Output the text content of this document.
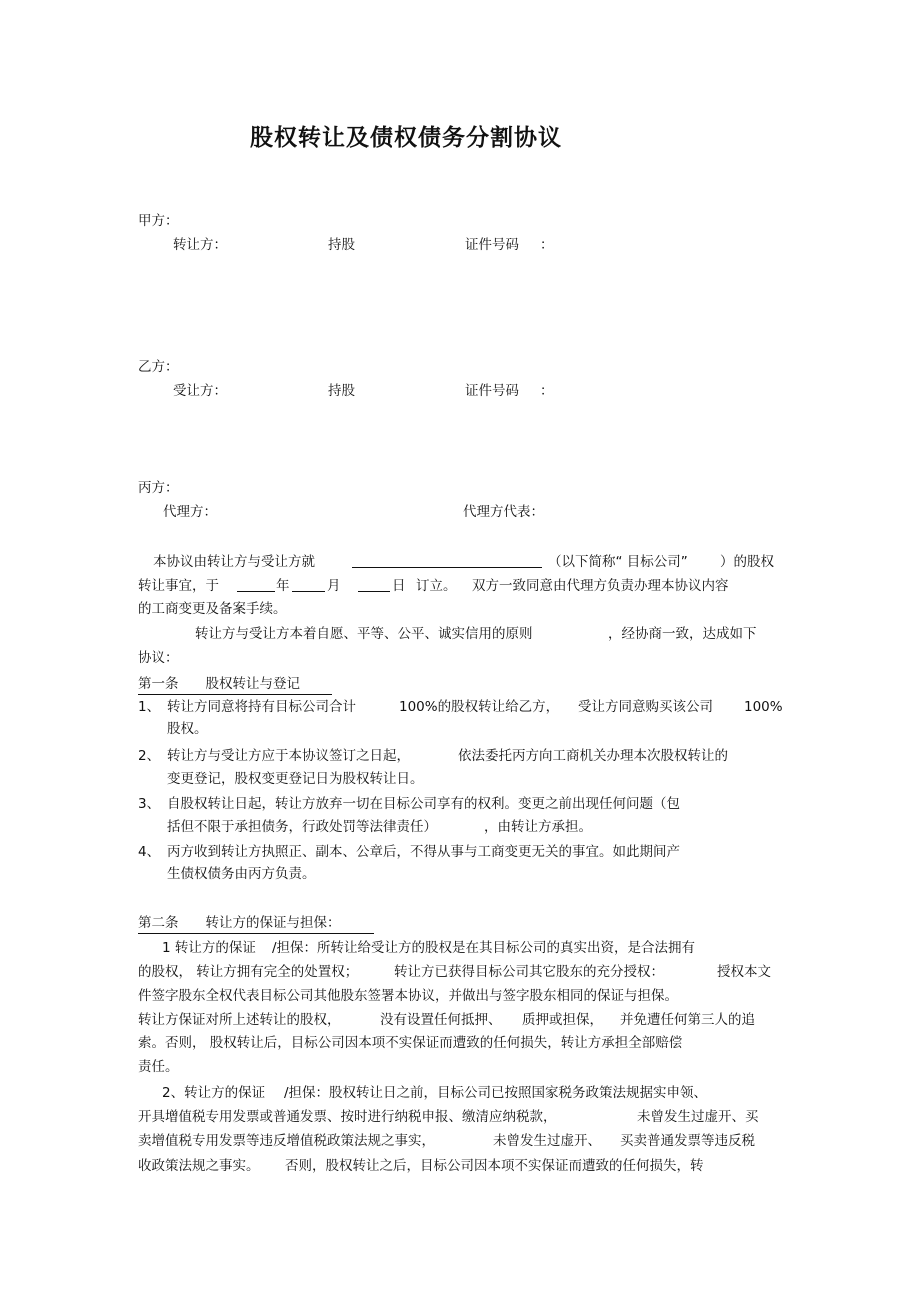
股权转让及债权债务分割协议
甲方：
转让方：	持股	证件号码 ：
乙方：
受让方：	持股	证件号码 ：
丙方：
代理方：	代理方代表：
本协议由转让方与受让方就	（以下简称“ 目标公司” ）的股权
转让事宜，于	年	月	日 订立。 双方一致同意由代理方负责办理本协议内容
的工商变更及备案手续。
转让方与受让方本着自愿、平等、公平、诚实信用的原则	，经协商一致，达成如下
协议：
第一条　　股权转让与登记
1、 转让方同意将持有目标公司合计	100%的股权转让给乙方， 受让方同意购买该公司 100%
股权。
2、 转让方与受让方应于本协议签订之日起，	依法委托丙方向工商机关办理本次股权转让的
变更登记，股权变更登记日为股权转让日。
3、 自股权转让日起，转让方放弃一切在目标公司享有的权利。变更之前出现任何问题（包
括但不限于承担债务，行政处罚等法律责任）	，由转让方承担。
4、 丙方收到转让方执照正、副本、公章后，不得从事与工商变更无关的事宜。如此期间产
生债权债务由丙方负责。
第二条　　转让方的保证与担保：
1 转让方的保证 /担保：所转让给受让方的股权是在其目标公司的真实出资，是合法拥有
的股权， 转让方拥有完全的处置权；	转让方已获得目标公司其它股东的充分授权：	授权本文
件签字股东全权代表目标公司其他股东签署本协议，并做出与签字股东相同的保证与担保。
转让方保证对所上述转让的股权，	没有设置任何抵押、 质押或担保， 并免遭任何第三人的追
索。否则， 股权转让后，目标公司因本项不实保证而遭致的任何损失，转让方承担全部赔偿
责任。
2、转让方的保证 /担保：股权转让日之前，目标公司已按照国家税务政策法规据实申领、
开具增值税专用发票或普通发票、按时进行纳税申报、缴清应纳税款，	未曾发生过虚开、买
卖增值税专用发票等违反增值税政策法规之事实，	未曾发生过虚开、 买卖普通发票等违反税
收政策法规之事实。 否则，股权转让之后，目标公司因本项不实保证而遭致的任何损失，转
